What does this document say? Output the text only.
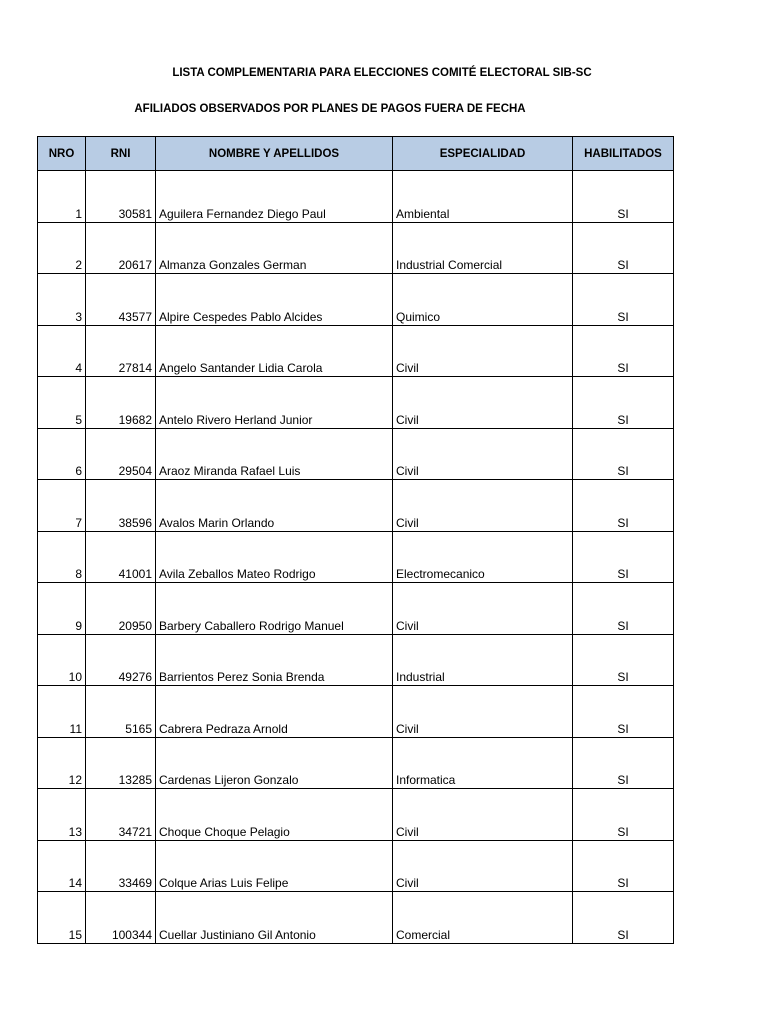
LISTA COMPLEMENTARIA PARA ELECCIONES COMITÉ ELECTORAL SIB-SC
AFILIADOS OBSERVADOS POR PLANES DE PAGOS FUERA DE FECHA
NRO	RNI	NOMBRE Y APELLIDOS	ESPECIALIDAD	HABILITADOS
1	30581	Aguilera Fernandez Diego Paul	Ambiental	SI
2	20617	Almanza Gonzales German	Industrial Comercial	SI
3	43577	Alpire Cespedes Pablo Alcides	Quimico	SI
4	27814	Angelo Santander Lidia Carola	Civil	SI
5	19682	Antelo Rivero Herland Junior	Civil	SI
6	29504	Araoz Miranda Rafael Luis	Civil	SI
7	38596	Avalos Marin Orlando	Civil	SI
8	41001	Avila Zeballos Mateo Rodrigo	Electromecanico	SI
9	20950	Barbery Caballero Rodrigo Manuel	Civil	SI
10	49276	Barrientos Perez Sonia Brenda	Industrial	SI
11	5165	Cabrera Pedraza Arnold	Civil	SI
12	13285	Cardenas Lijeron Gonzalo	Informatica	SI
13	34721	Choque Choque Pelagio	Civil	SI
14	33469	Colque Arias Luis Felipe	Civil	SI
15	100344	Cuellar Justiniano Gil Antonio	Comercial	SI
